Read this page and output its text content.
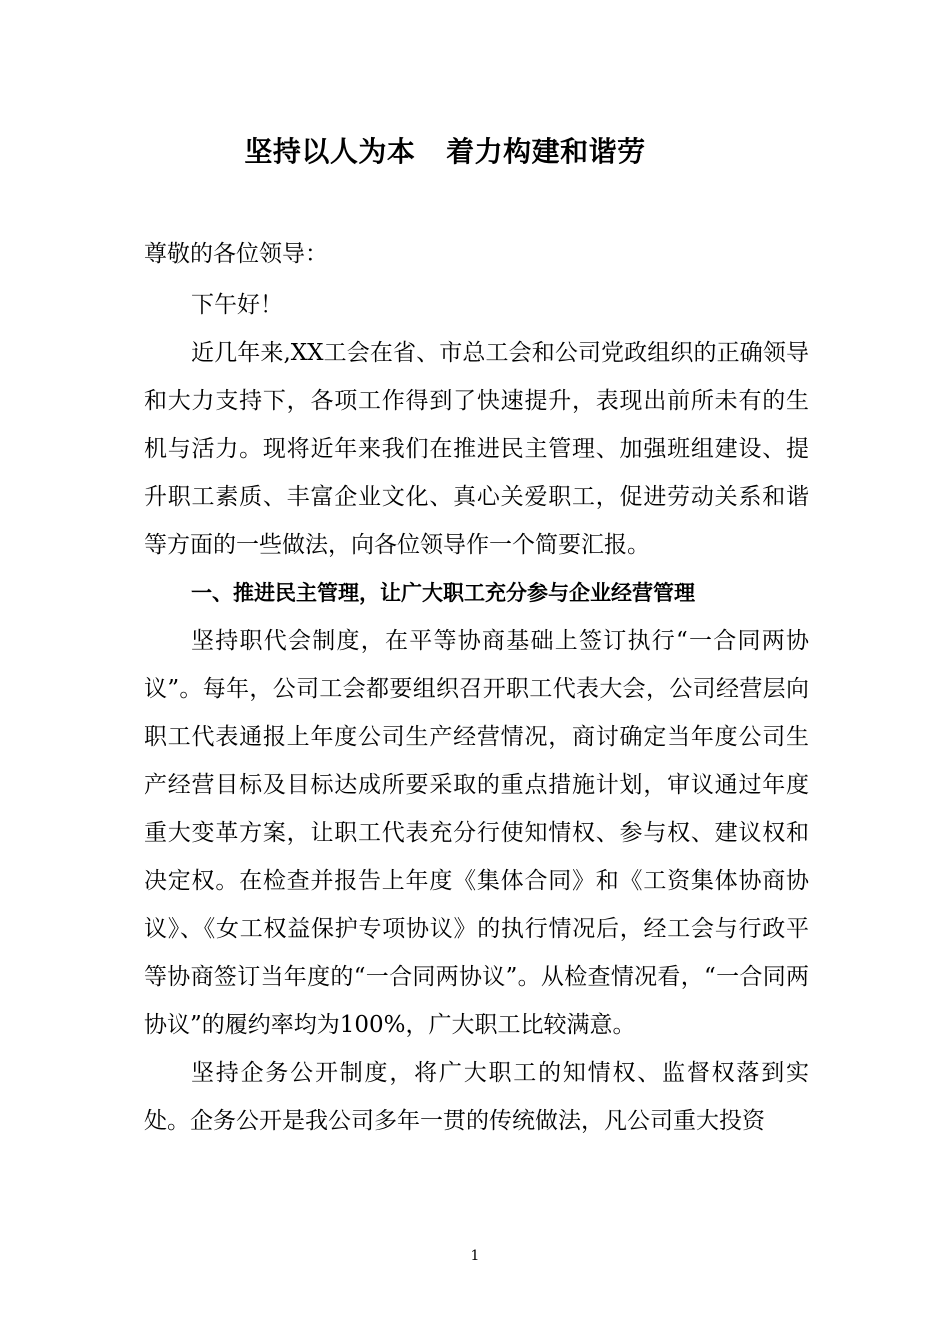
坚持以人为本   着力构建和谐劳

尊敬的各位领导：

下午好！

近几年来,XX工会在省、市总工会和公司党政组织的正确领导和大力支持下，各项工作得到了快速提升，表现出前所未有的生机与活力。现将近年来我们在推进民主管理、加强班组建设、提升职工素质、丰富企业文化、真心关爱职工，促进劳动关系和谐等方面的一些做法，向各位领导作一个简要汇报。

一、推进民主管理，让广大职工充分参与企业经营管理

坚持职代会制度，在平等协商基础上签订执行“一合同两协议”。每年，公司工会都要组织召开职工代表大会，公司经营层向职工代表通报上年度公司生产经营情况，商讨确定当年度公司生产经营目标及目标达成所要采取的重点措施计划，审议通过年度重大变革方案，让职工代表充分行使知情权、参与权、建议权和决定权。在检查并报告上年度《集体合同》和《工资集体协商协议》、《女工权益保护专项协议》的执行情况后，经工会与行政平等协商签订当年度的“一合同两协议”。从检查情况看，“一合同两协议”的履约率均为100%，广大职工比较满意。

坚持企务公开制度，将广大职工的知情权、监督权落到实处。企务公开是我公司多年一贯的传统做法，凡公司重大投资

1
